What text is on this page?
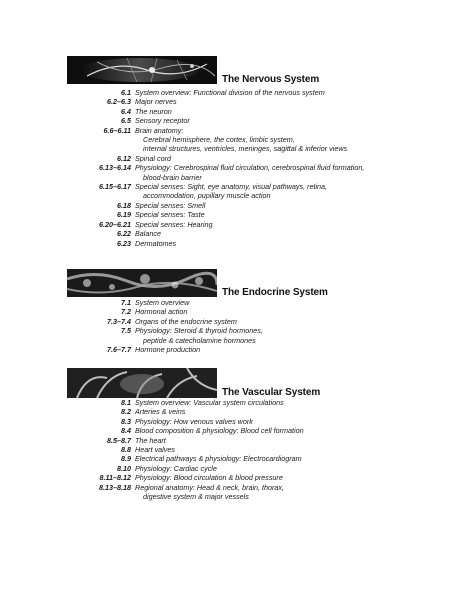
The Nervous System
6.1 System overview: Functional division of the nervous system
6.2–6.3 Major nerves
6.4 The neuron
6.5 Sensory receptor
6.6–6.11 Brain anatomy:
Cerebral hemisphere, the cortex, limbic system,
internal structures, ventricles, meninges, sagittal & inferior views
6.12 Spinal cord
6.13–6.14 Physiology: Cerebrospinal fluid circulation, cerebrospinal fluid formation,
blood-brain barrier
6.15–6.17 Special senses: Sight, eye anatomy, visual pathways, retina,
accommodation, pupillary muscle action
6.18 Special senses: Smell
6.19 Special senses: Taste
6.20–6.21 Special senses: Hearing
6.22 Balance
6.23 Dermatomes
The Endocrine System
7.1 System overview
7.2 Hormonal action
7.3–7.4 Organs of the endocrine system
7.5 Physiology: Steroid & thyroid hormones,
peptide & catecholamine hormones
7.6–7.7 Hormone production
The Vascular System
8.1 System overview: Vascular system circulations
8.2 Arteries & veins
8.3 Physiology: How venous valves work
8.4 Blood composition & physiology: Blood cell formation
8.5–8.7 The heart
8.8 Heart valves
8.9 Electrical pathways & physiology: Electrocardiogram
8.10 Physiology: Cardiac cycle
8.11–8.12 Physiology: Blood circulation & blood pressure
8.13–8.18 Regional anatomy: Head & neck, brain, thorax,
digestive system & major vessels
